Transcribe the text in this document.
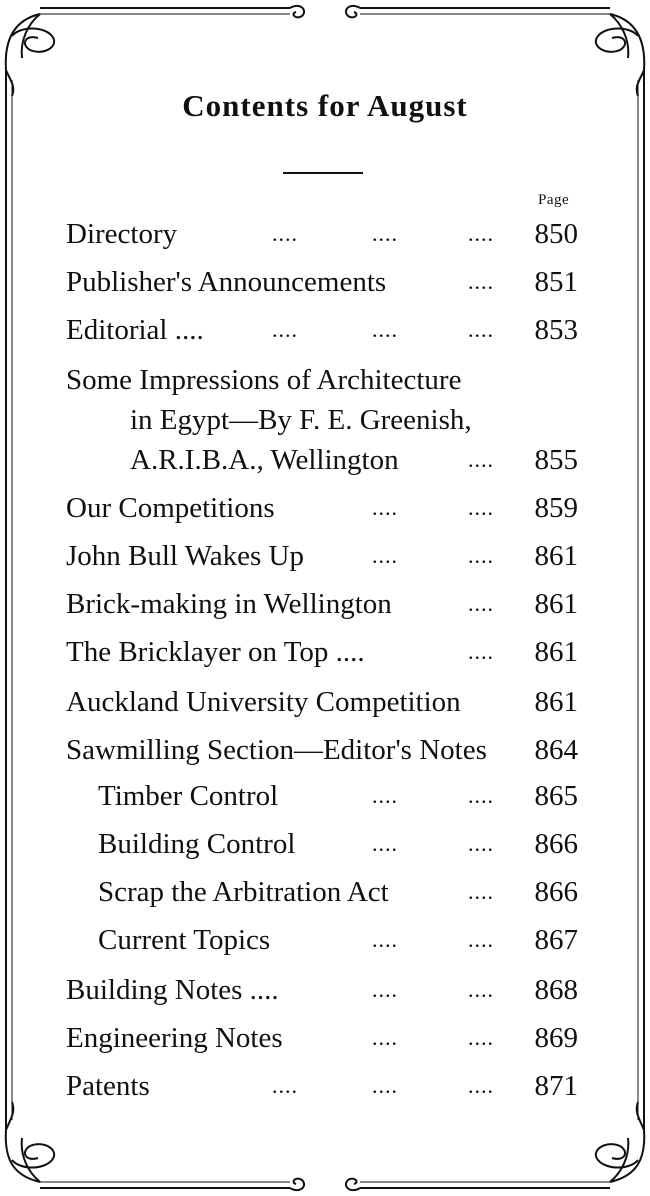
Contents for August
Page
Directory	....	....	.... 850
Publisher's Announcements	.... 851
Editorial ....	....	....	.... 853
Some Impressions of Architecture
in Egypt—By F. E. Greenish,
A.R.I.B.A., Wellington	.... 855
Our Competitions	....	.... 859
John Bull Wakes Up	....	.... 861
Brick-making in Wellington	.... 861
The Bricklayer on Top ....	.... 861
Auckland University Competition	861
Sawmilling Section—Editor's Notes 864
Timber Control	....	.... 865
Building Control	....	.... 866
Scrap the Arbitration Act	.... 866
Current Topics	....	.... 867
Building Notes ....	....	.... 868
Engineering Notes	....	.... 869
Patents	....	....	.... 871
